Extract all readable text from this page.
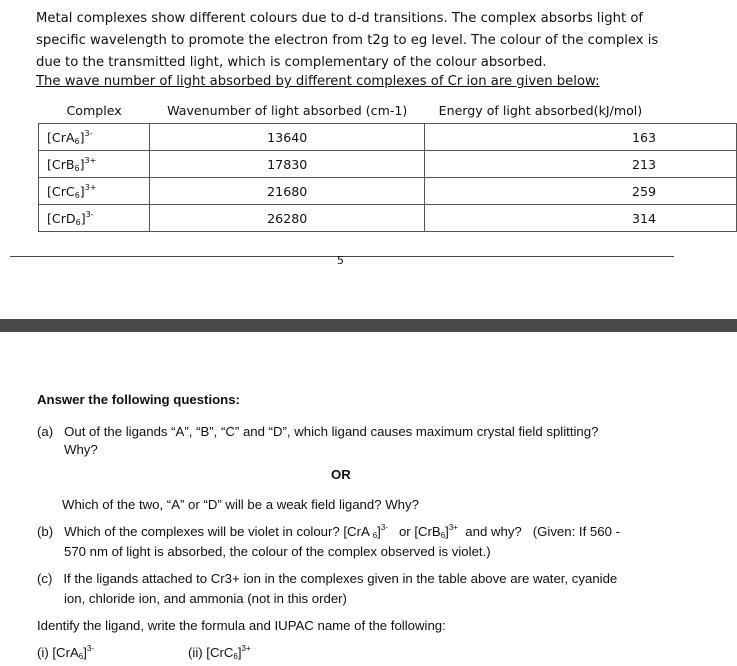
Metal complexes show different colours due to d-d transitions. The complex absorbs light of specific wavelength to promote the electron from t2g to eg level. The colour of the complex is due to the transmitted light, which is complementary of the colour absorbed.
The wave number of light absorbed by different complexes of Cr ion are given below:
Complex	Wavenumber of light absorbed (cm-1)	Energy of light absorbed(kJ/mol)
$[CrA_6]^{3-}$	13640	163
$[CrB_6]^{3+}$	17830	213
$[CrC_6]^{3+}$	21680	259
$[CrD_6]^{3-}$	26280	314
5
Answer the following questions:
(a) Out of the ligands “A”, “B”, “C” and “D”, which ligand causes maximum crystal field splitting?
Why?
OR
Which of the two, “A” or “D” will be a weak field ligand? Why?
(b) Which of the complexes will be violet in colour? [CrA $_6$]$^{3-}$   or $[CrB_6]^{3+}$  and why?   (Given: If 560 -
570 nm of light is absorbed, the colour of the complex observed is violet.)
(c) If the ligands attached to Cr3+ ion in the complexes given in the table above are water, cyanide
ion, chloride ion, and ammonia (not in this order)
Identify the ligand, write the formula and IUPAC name of the following:
(i) $[CrA_6]^{3-}$	(ii) $[CrC_6]^{3+}$
